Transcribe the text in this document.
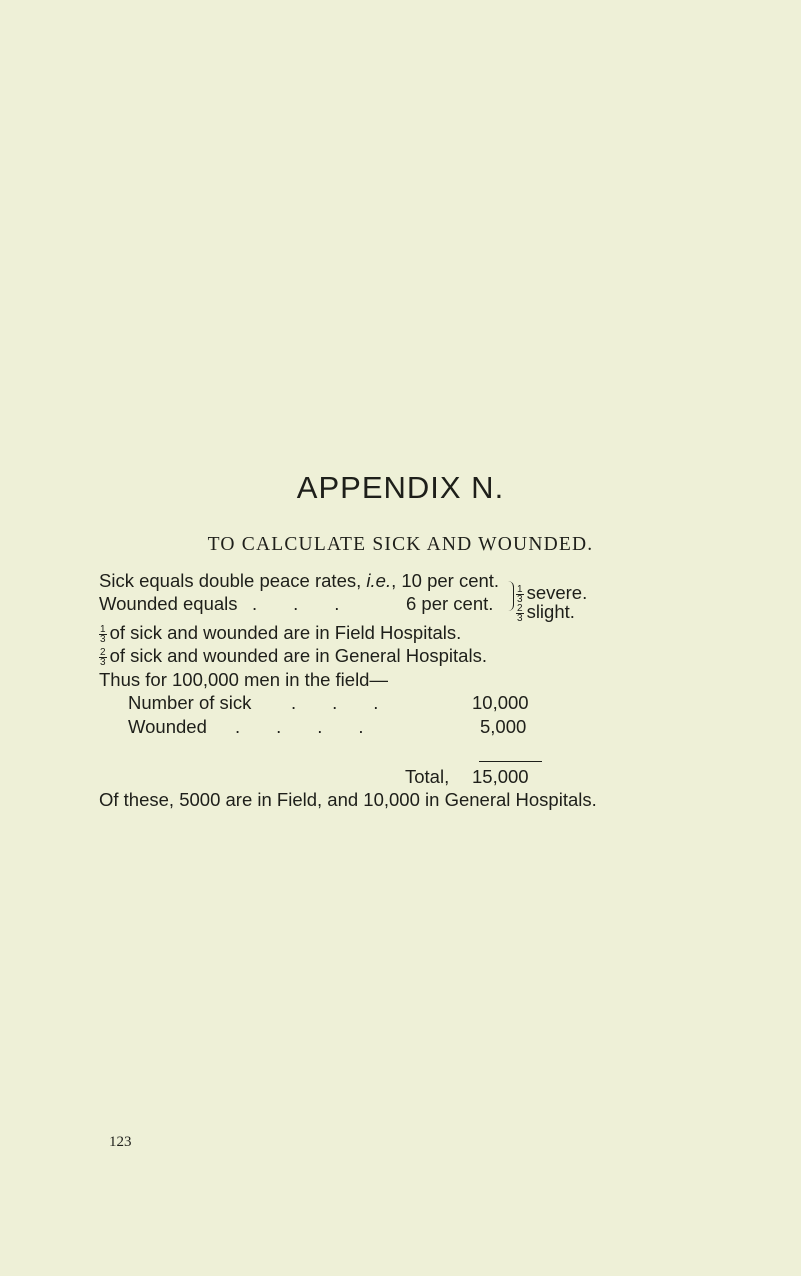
APPENDIX N.
TO CALCULATE SICK AND WOUNDED.
Sick equals double peace rates, i.e., 10 per cent.
Wounded equals .       .       .	6 per cent. $\frac{1}{3}$ severe.
$\frac{2}{3}$ slight.
$\frac{1}{3}$ of sick and wounded are in Field Hospitals.
$\frac{2}{3}$ of sick and wounded are in General Hospitals.
Thus for 100,000 men in the field—
Number of sick .       .       .	10,000
Wounded .       .       .       .	5,000
Total, 15,000
Of these, 5000 are in Field, and 10,000 in General Hospitals.
123
